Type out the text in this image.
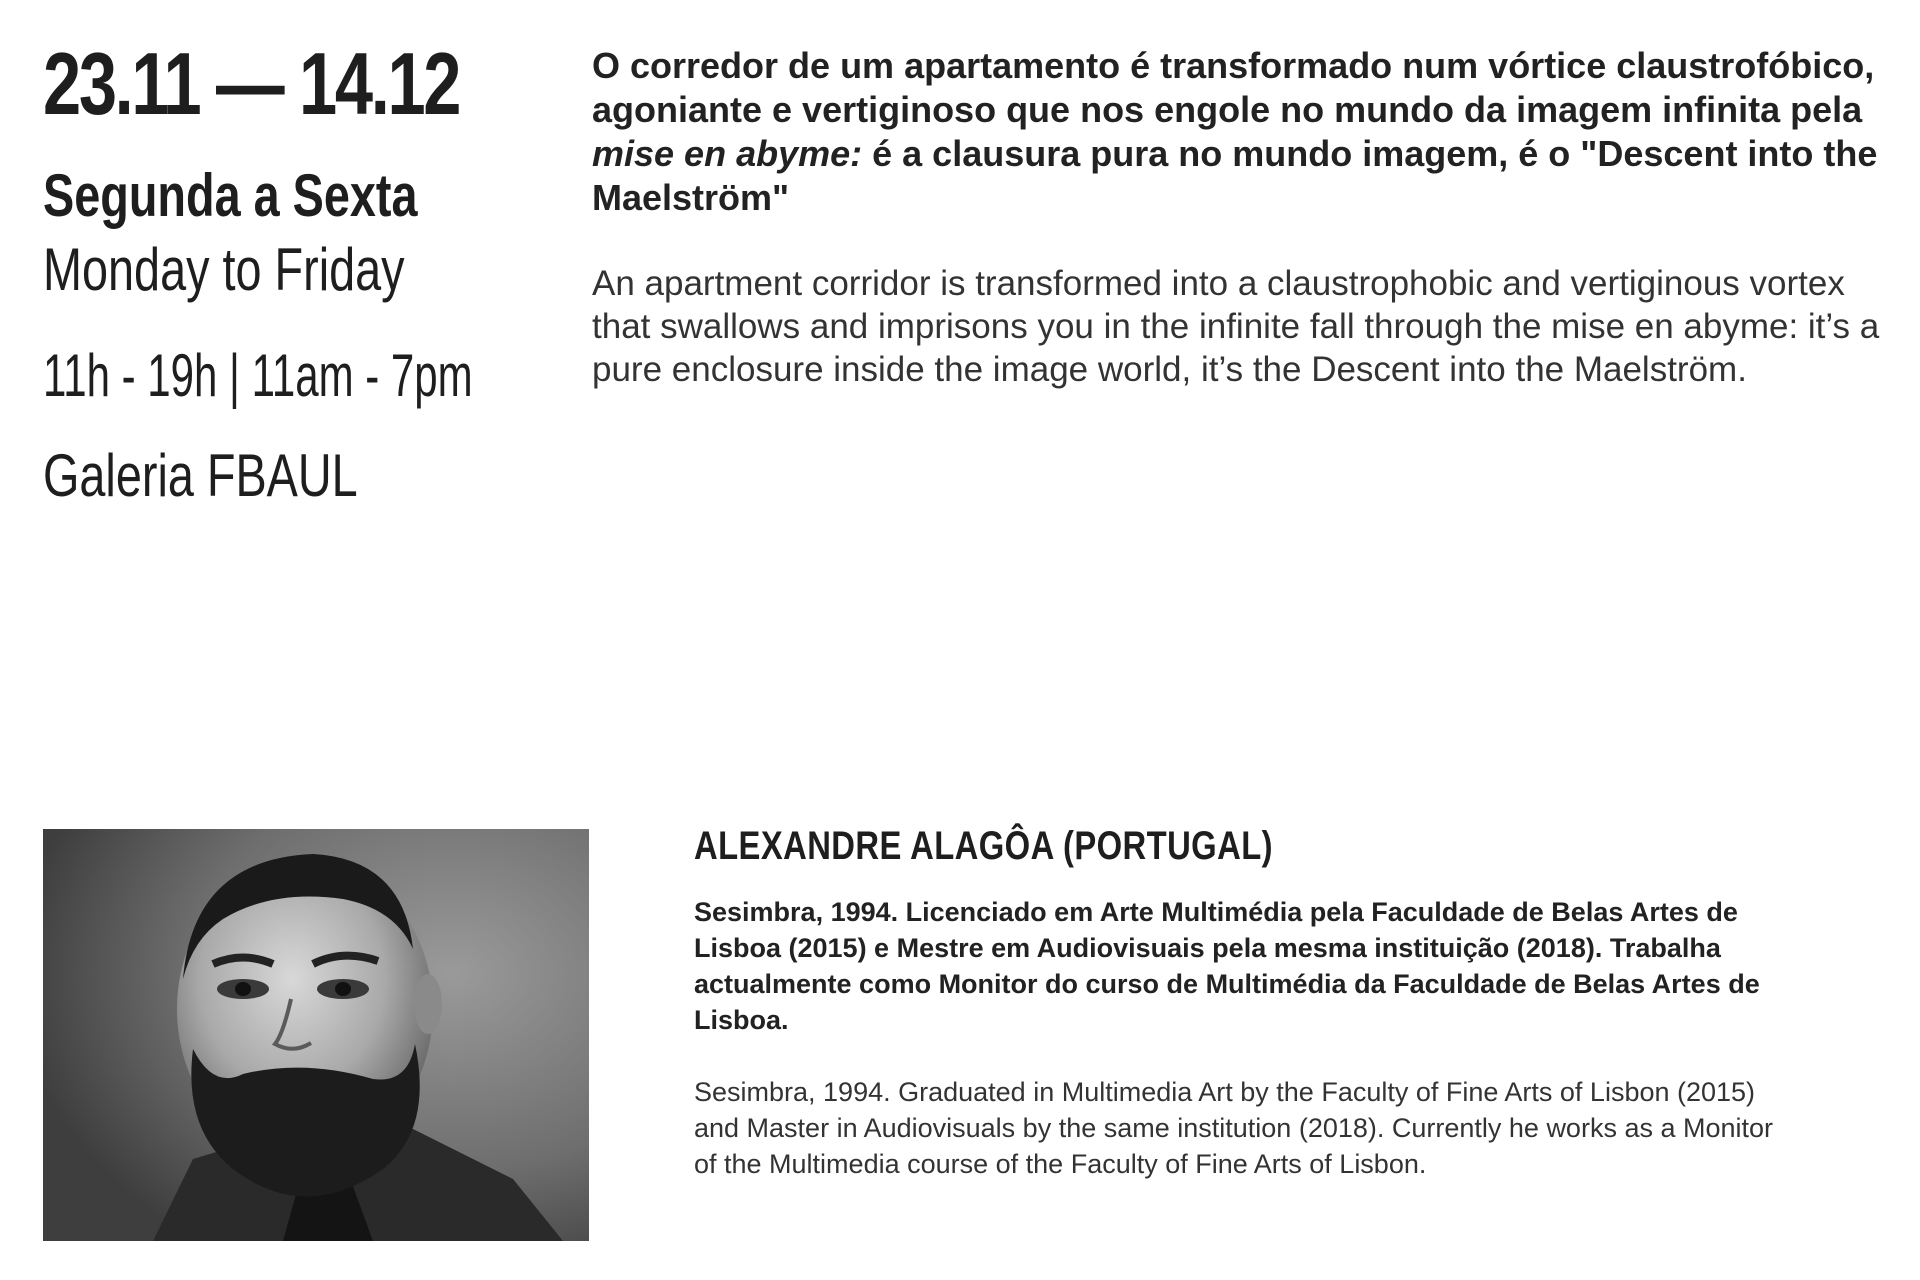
23.11 — 14.12
Segunda a Sexta
Monday to Friday
11h - 19h | 11am - 7pm
Galeria FBAUL

O corredor de um apartamento é transformado num vórtice claustrofóbico, agoniante e vertiginoso que nos engole no mundo da imagem infinita pela mise en abyme: é a clausura pura no mundo imagem, é o "Descent into the Maelström"

An apartment corridor is transformed into a claustrophobic and vertiginous vortex that swallows and imprisons you in the infinite fall through the mise en abyme: it’s a pure enclosure inside the image world, it’s the Descent into the Maelström.

ALEXANDRE ALAGÔA (PORTUGAL)

Sesimbra, 1994. Licenciado em Arte Multimédia pela Faculdade de Belas Artes de Lisboa (2015) e Mestre em Audiovisuais pela mesma instituição (2018). Trabalha actualmente como Monitor do curso de Multimédia da Faculdade de Belas Artes de Lisboa.

Sesimbra, 1994. Graduated in Multimedia Art by the Faculty of Fine Arts of Lisbon (2015) and Master in Audiovisuals by the same institution (2018). Currently he works as a Monitor of the Multimedia course of the Faculty of Fine Arts of Lisbon.
